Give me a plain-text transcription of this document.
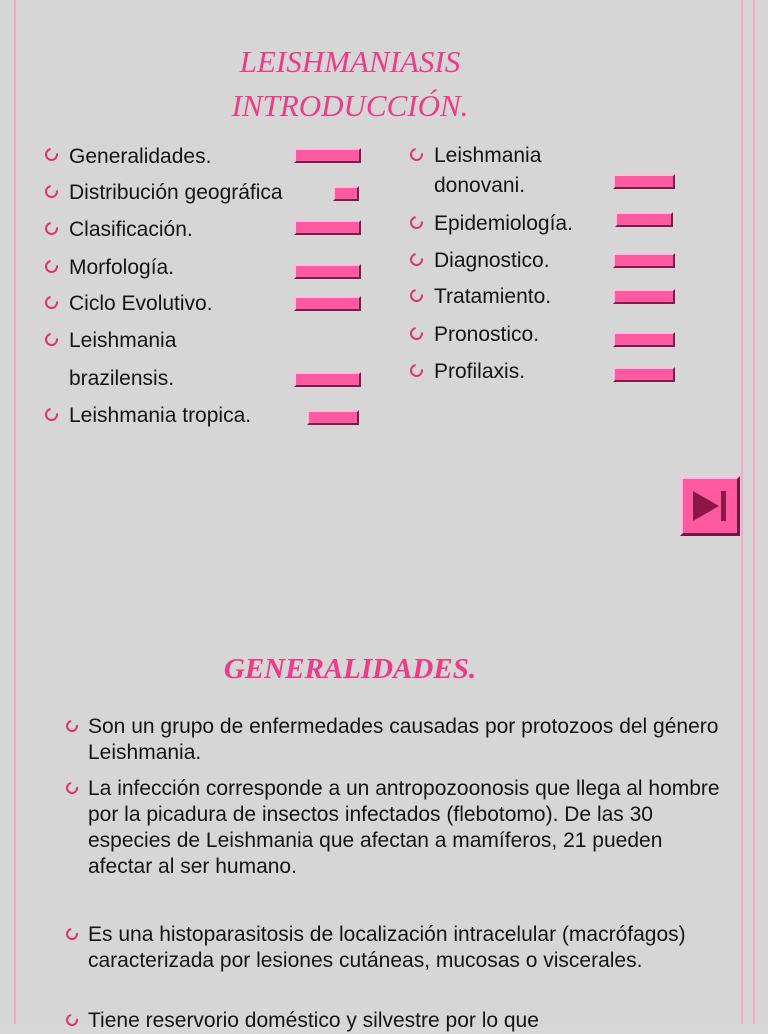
LEISHMANIASIS INTRODUCCIÓN.
Generalidades.
Distribución geográfica
Clasificación.
Morfología.
Ciclo Evolutivo.
Leishmania
brazilensis.
Leishmania tropica.
Leishmania
donovani.
Epidemiología.
Diagnostico.
Tratamiento.
Pronostico.
Profilaxis.
GENERALIDADES.

Son un grupo de enfermedades causadas por protozoos del género Leishmania.

La infección corresponde a un antropozoonosis que llega al hombre por la picadura de insectos infectados (flebotomo). De las 30 especies de Leishmania que afectan a mamíferos, 21 pueden afectar al ser humano.

Es una histoparasitosis de localización intracelular (macrófagos) caracterizada por lesiones cutáneas, mucosas o viscerales.

Tiene reservorio doméstico y silvestre por lo que
